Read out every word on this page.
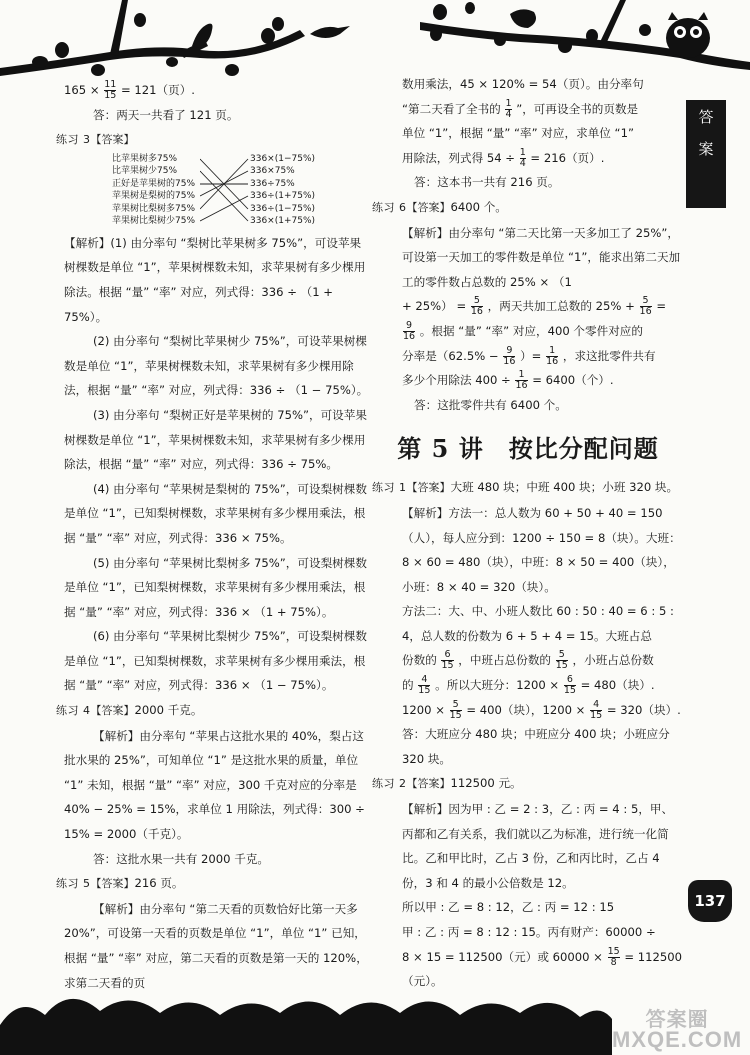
答
案

$165 \times \frac{11}{15} = 121$（页）.

答：两天一共看了 121 页。

练习 3【答案】

比苹果树多75%
比苹果树少75%
正好是苹果树的75%
苹果树是梨树的75%
苹果树比梨树多75%
苹果树比梨树少75%
336×(1−75%)
336×75%
336÷75%
336÷(1+75%)
336÷(1−75%)
336×(1+75%)

【解析】(1) 由分率句 “梨树比苹果树多 75%”，可设苹果树棵数是单位 “1”，苹果树棵数未知，求苹果树有多少棵用除法。根据 “量” “率” 对应，列式得：336 ÷ （1 + 75%）。

(2) 由分率句 “梨树比苹果树少 75%”，可设苹果树棵数是单位 “1”，苹果树棵数未知，求苹果树有多少棵用除法，根据 “量” “率” 对应，列式得：336 ÷ （1 − 75%）。

(3) 由分率句 “梨树正好是苹果树的 75%”，可设苹果树棵数是单位 “1”，苹果树棵数未知，求苹果树有多少棵用除法，根据 “量” “率” 对应，列式得：336 ÷ 75%。

(4) 由分率句 “苹果树是梨树的 75%”，可设梨树棵数是单位 “1”，已知梨树棵数，求苹果树有多少棵用乘法，根据 “量” “率” 对应，列式得：336 × 75%。

(5) 由分率句 “苹果树比梨树多 75%”，可设梨树棵数是单位 “1”，已知梨树棵数，求苹果树有多少棵用乘法，根据 “量” “率” 对应，列式得：336 × （1 + 75%）。

(6) 由分率句 “苹果树比梨树少 75%”，可设梨树棵数是单位 “1”，已知梨树棵数，求苹果树有多少棵用乘法，根据 “量” “率” 对应，列式得：336 × （1 − 75%）。

练习 4【答案】2000 千克。

【解析】由分率句 “苹果占这批水果的 40%，梨占这批水果的 25%”，可知单位 “1” 是这批水果的质量，单位 “1” 未知，根据 “量” “率” 对应，300 千克对应的分率是 40% − 25% = 15%，求单位 1 用除法，列式得：300 ÷ 15% = 2000（千克）。

答：这批水果一共有 2000 千克。

练习 5【答案】216 页。

【解析】由分率句 “第二天看的页数恰好比第一天多 20%”，可设第一天看的页数是单位 “1”，单位 “1” 已知，根据 “量” “率” 对应，第二天看的页数是第一天的 120%，求第二天看的页

数用乘法，45 × 120% = 54（页）。由分率句

“第二天看了全书的 $\frac{1}{4}$ ”，可再设全书的页数是

单位 “1”，根据 “量” “率” 对应，求单位 “1”

用除法，列式得 $54 \div \frac{1}{4} = 216$（页）.

答：这本书一共有 216 页。

练习 6【答案】6400 个。

【解析】由分率句 “第二天比第一天多加工了 25%”，可设第一天加工的零件数是单位 “1”，能求出第二天加工的零件数占总数的 25% × （1

+ $25\%) = \frac{5}{16}$ ，两天共加工总数的 $25\% + \frac{5}{16}$ =

$\frac{9}{16}$ 。根据 “量” “率” 对应，400 个零件对应的

分率是（$62.5\% - \frac{9}{16}$ ）= $\frac{1}{16}$ ，求这批零件共有

多少个用除法 $400 \div \frac{1}{16} = 6400$（个）.

答：这批零件共有 6400 个。

第 5 讲　按比分配问题

练习 1【答案】大班 480 块；中班 400 块；小班 320 块。

【解析】方法一：总人数为 60 + 50 + 40 = 150（人），每人应分到：1200 ÷ 150 = 8（块）。大班：8 × 60 = 480（块），中班：8 × 50 = 400（块），小班：8 × 40 = 320（块）。

方法二：大、中、小班人数比 60 : 50 : 40 = 6 : 5 : 4，总人数的份数为 6 + 5 + 4 = 15。大班占总

份数的 $\frac{6}{15}$ ，中班占总份数的 $\frac{5}{15}$ ，小班占总份数

的 $\frac{4}{15}$ 。所以大班分：$1200 \times \frac{6}{15} = 480$（块）.

$1200 \times \frac{5}{15} = 400$（块），$1200 \times \frac{4}{15} = 320$（块）.

答：大班应分 480 块；中班应分 400 块；小班应分 320 块。

练习 2【答案】112500 元。

【解析】因为甲 : 乙 = 2 : 3，乙 : 丙 = 4 : 5，甲、丙都和乙有关系，我们就以乙为标准，进行统一化简比。乙和甲比时，乙占 3 份，乙和丙比时，乙占 4 份，3 和 4 的最小公倍数是 12。

所以甲 : 乙 = 8 : 12，乙 : 丙 = 12 : 15

甲 : 乙 : 丙 = 8 : 12 : 15。丙有财产：60000 ÷

8 × 15 = 112500（元）或 $60000 \times \frac{15}{8} = 112500$

（元）。

137
答案圈
MXQE.COM
